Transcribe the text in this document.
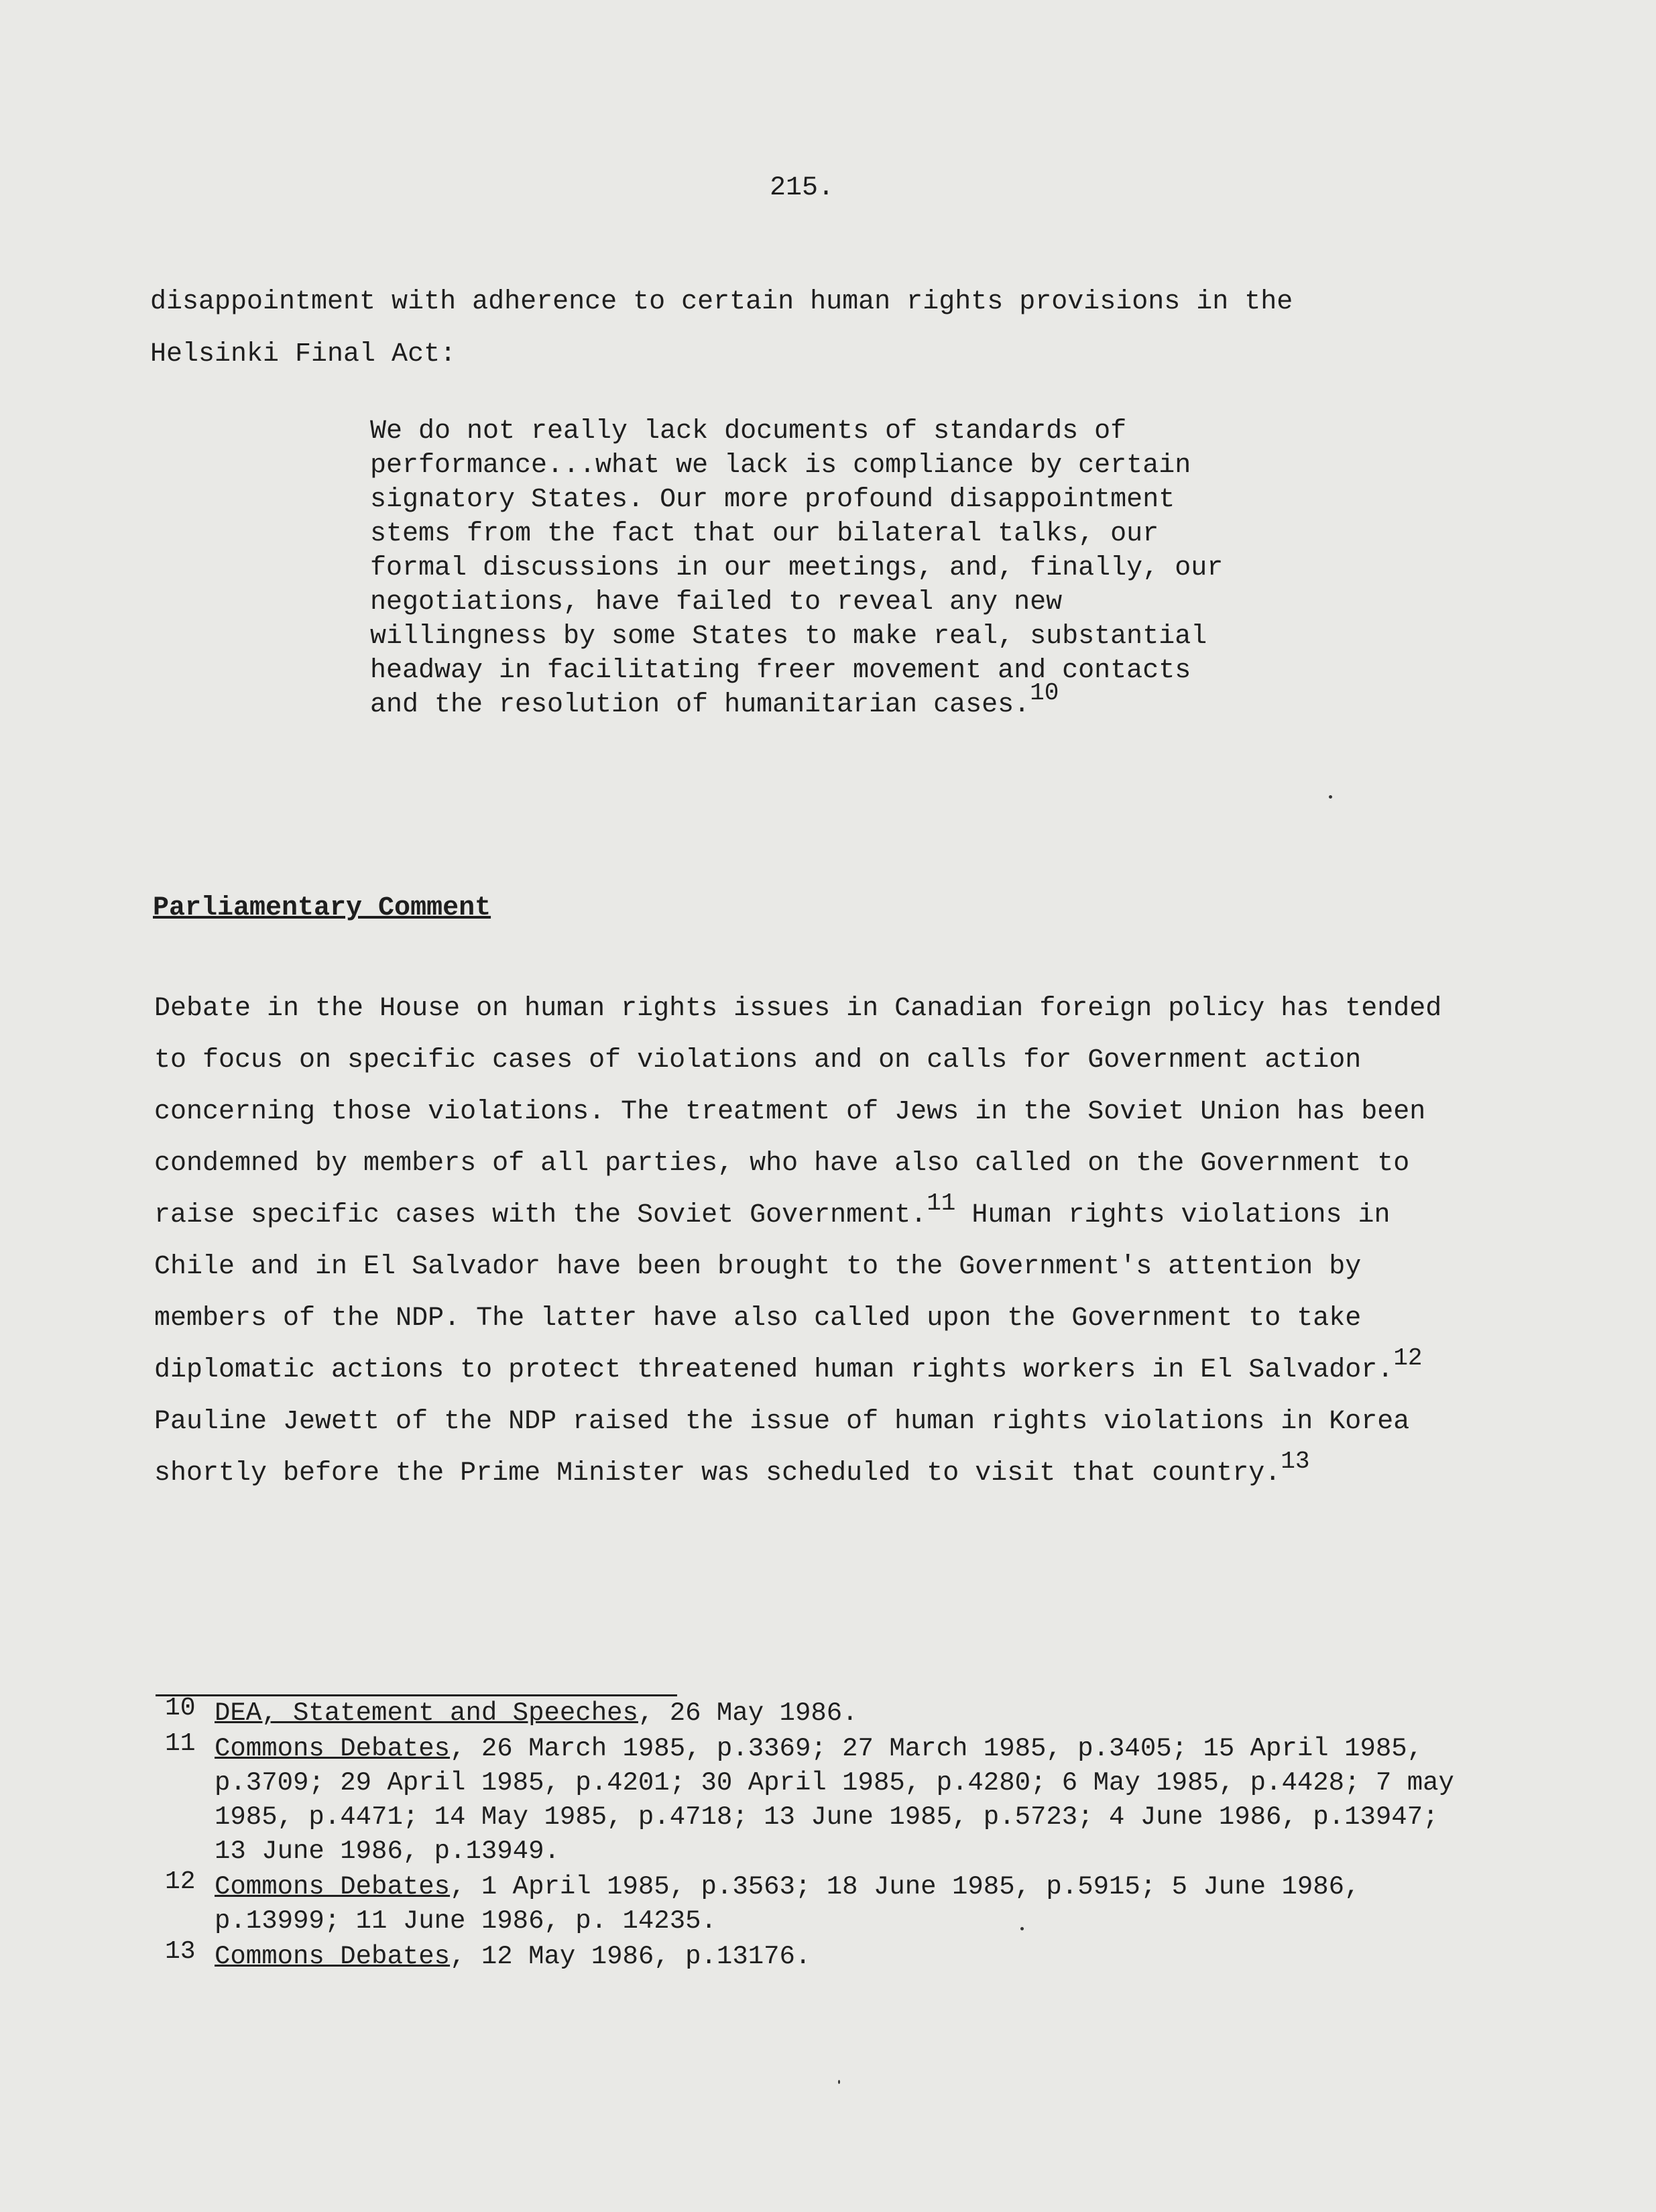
215.

disappointment with adherence to certain human rights provisions in the Helsinki Final Act:

We do not really lack documents of standards of performance...what we lack is compliance by certain signatory States. Our more profound disappointment stems from the fact that our bilateral talks, our formal discussions in our meetings, and, finally, our negotiations, have failed to reveal any new willingness by some States to make real, substantial headway in facilitating freer movement and contacts and the resolution of humanitarian cases.$^{10}$

Parliamentary Comment

Debate in the House on human rights issues in Canadian foreign policy has tended to focus on specific cases of violations and on calls for Government action concerning those violations. The treatment of Jews in the Soviet Union has been condemned by members of all parties, who have also called on the Government to raise specific cases with the Soviet Government.$^{11}$ Human rights violations in Chile and in El Salvador have been brought to the Government's attention by members of the NDP. The latter have also called upon the Government to take diplomatic actions to protect threatened human rights workers in El Salvador.$^{12}$ Pauline Jewett of the NDP raised the issue of human rights violations in Korea shortly before the Prime Minister was scheduled to visit that country.$^{13}$

10 DEA, Statement and Speeches, 26 May 1986.

11 Commons Debates, 26 March 1985, p.3369; 27 March 1985, p.3405; 15 April 1985, p.3709; 29 April 1985, p.4201; 30 April 1985, p.4280; 6 May 1985, p.4428; 7 may 1985, p.4471; 14 May 1985, p.4718; 13 June 1985, p.5723; 4 June 1986, p.13947; 13 June 1986, p.13949.

12 Commons Debates, 1 April 1985, p.3563; 18 June 1985, p.5915; 5 June 1986, p.13999; 11 June 1986, p. 14235.

13 Commons Debates, 12 May 1986, p.13176.
